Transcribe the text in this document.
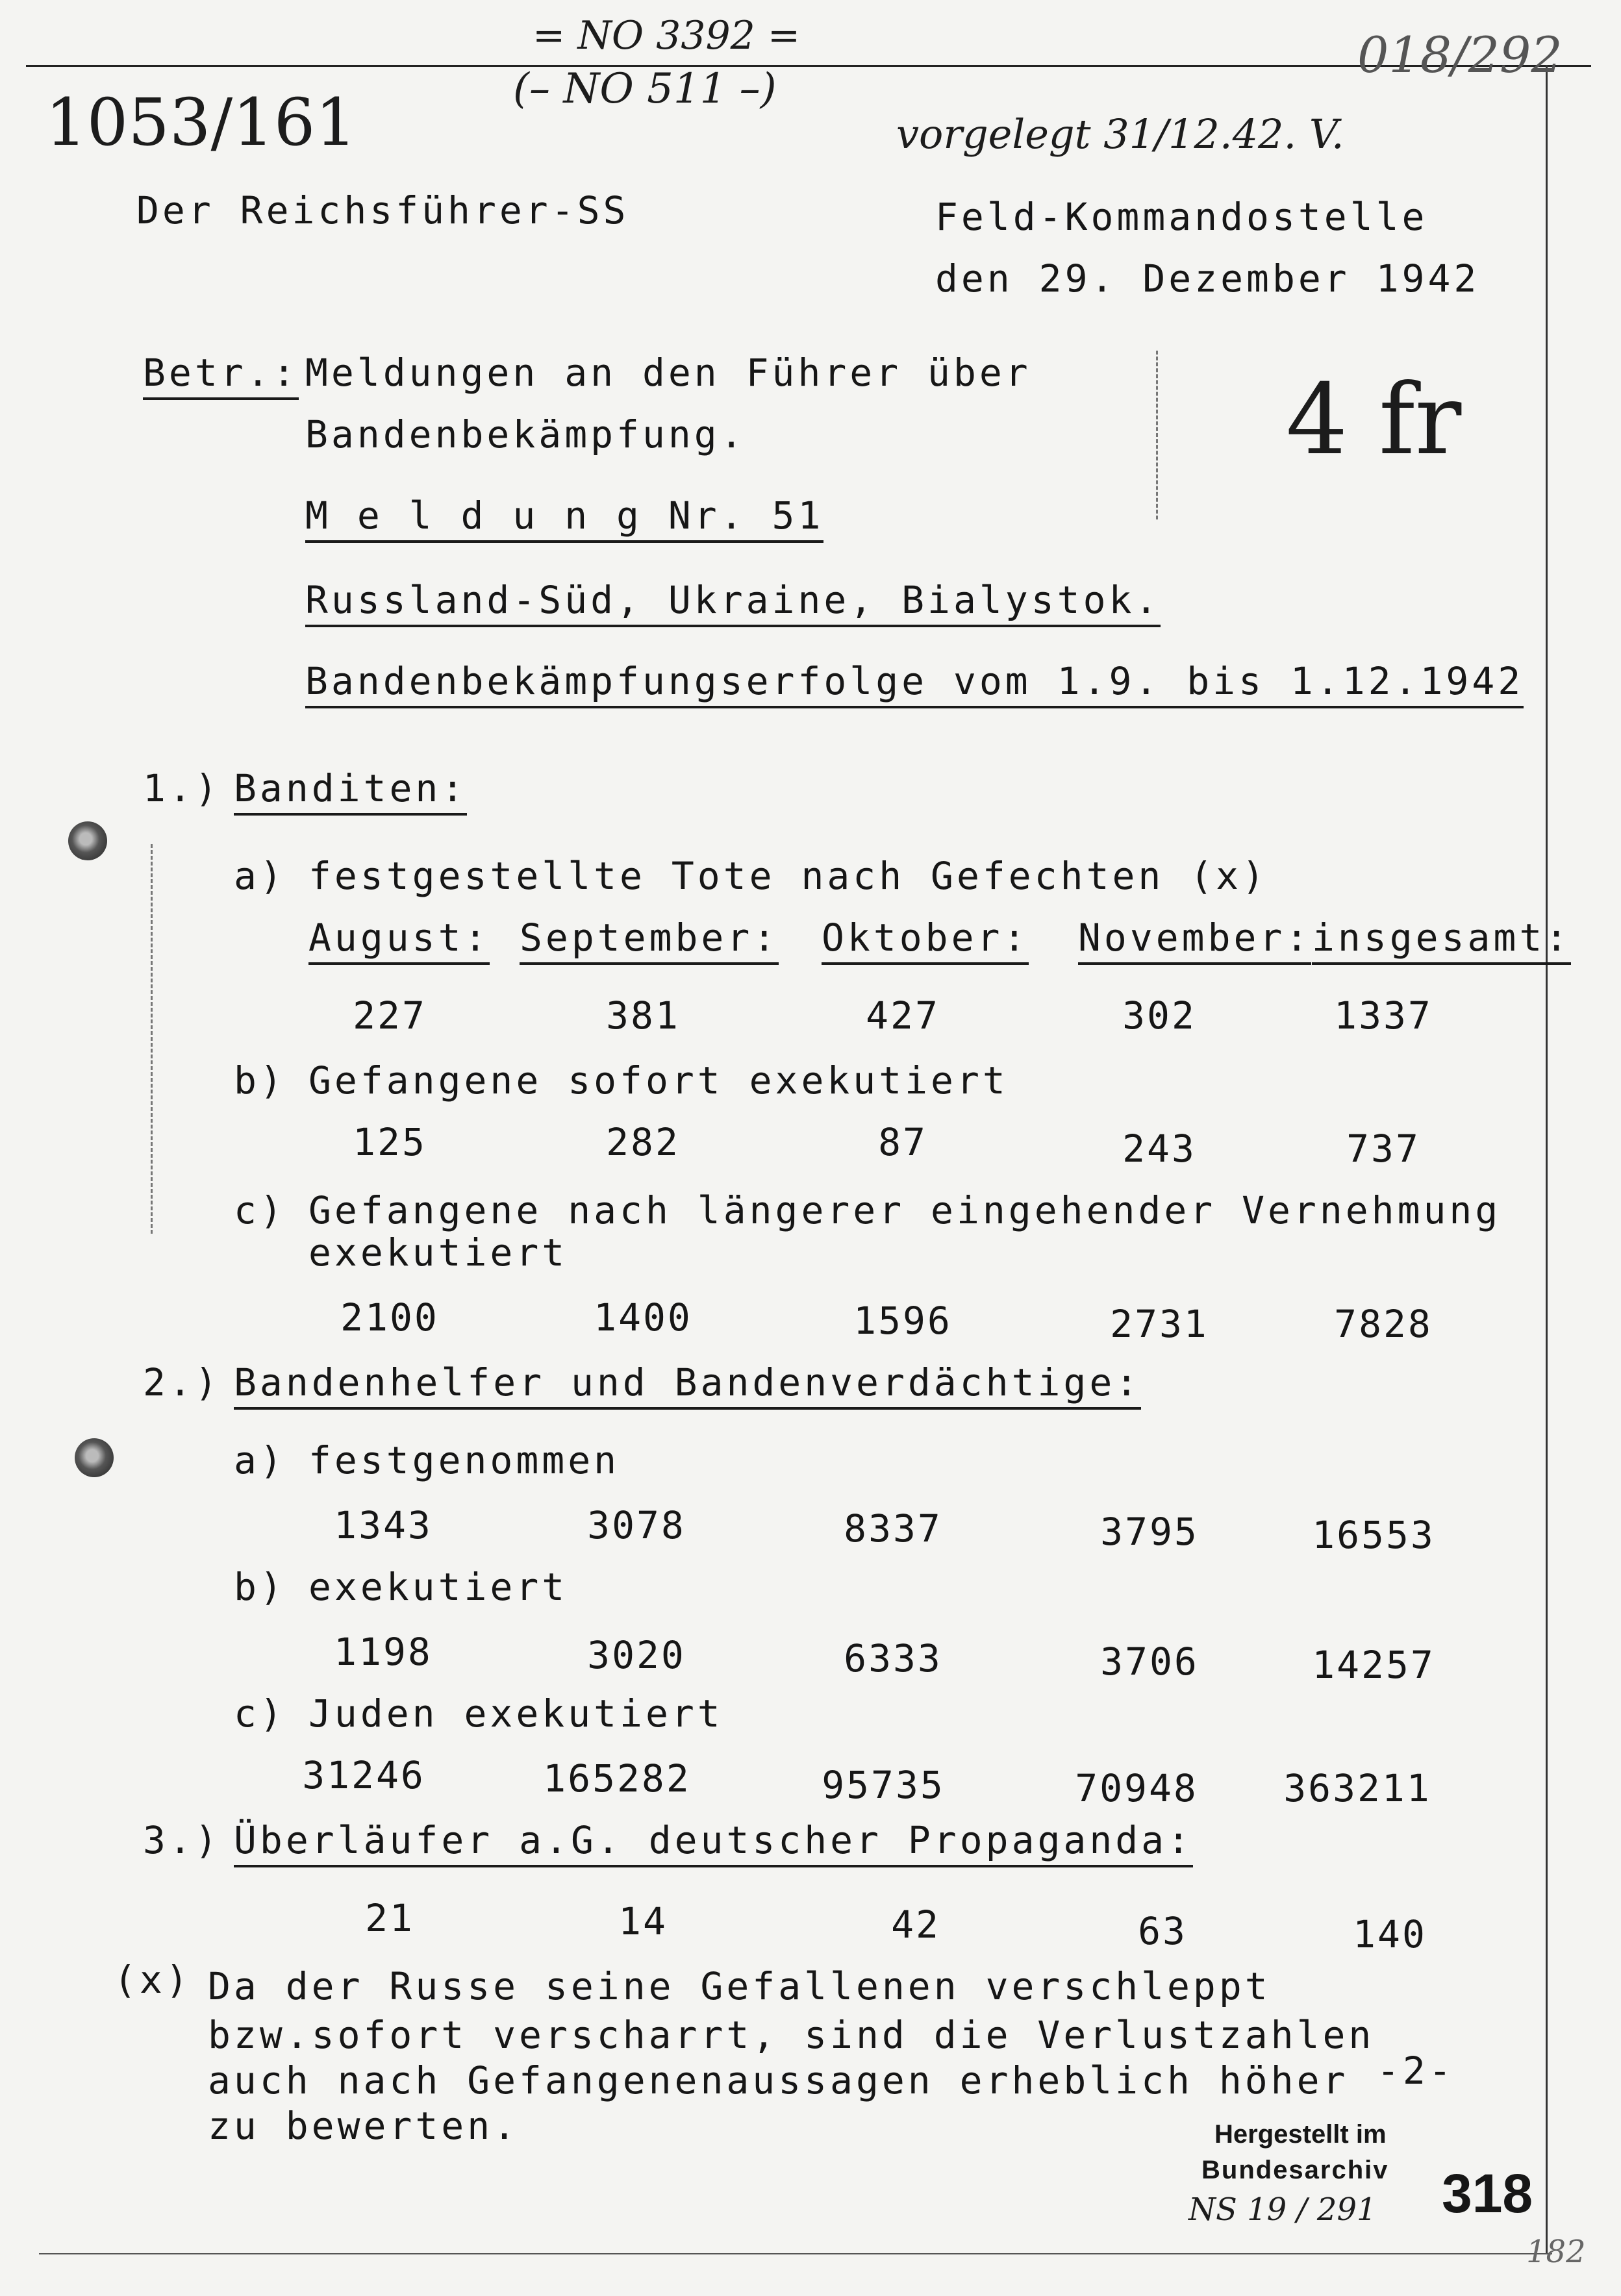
= NO 3392 =
(– NO 511 –)
1053/161
018/292
vorgelegt 31/12.42. V.
4 fr
Der Reichsführer-SS	Feld-Kommandostelle
den 29. Dezember 1942
Betr.: Meldungen an den Führer über
Bandenbekämpfung.
M e l d u n g Nr. 51
Russland-Süd, Ukraine, Bialystok.
Bandenbekämpfungserfolge vom 1.9. bis 1.12.1942
1.) Banditen:
a) festgestellte Tote nach Gefechten (x)
August: September: Oktober: November: insgesamt:
227	381	427	302	1337
b) Gefangene sofort exekutiert
125	282	87	243	737
c) Gefangene nach längerer eingehender Vernehmung
exekutiert
2100	1400	1596	2731	7828
2.) Bandenhelfer und Bandenverdächtige:
a) festgenommen
1343	3078	8337	3795	16553
b) exekutiert
1198	3020	6333	3706	14257
c) Juden exekutiert
31246	165282	95735	70948	363211
3.) Überläufer a.G. deutscher Propaganda:
21	14	42	63	140
(x) Da der Russe seine Gefallenen verschleppt
bzw.sofort verscharrt, sind die Verlustzahlen
auch nach Gefangenenaussagen erheblich höher
zu bewerten.
-2-
Hergestellt im
Bundesarchiv
NS 19 / 291 318
182
